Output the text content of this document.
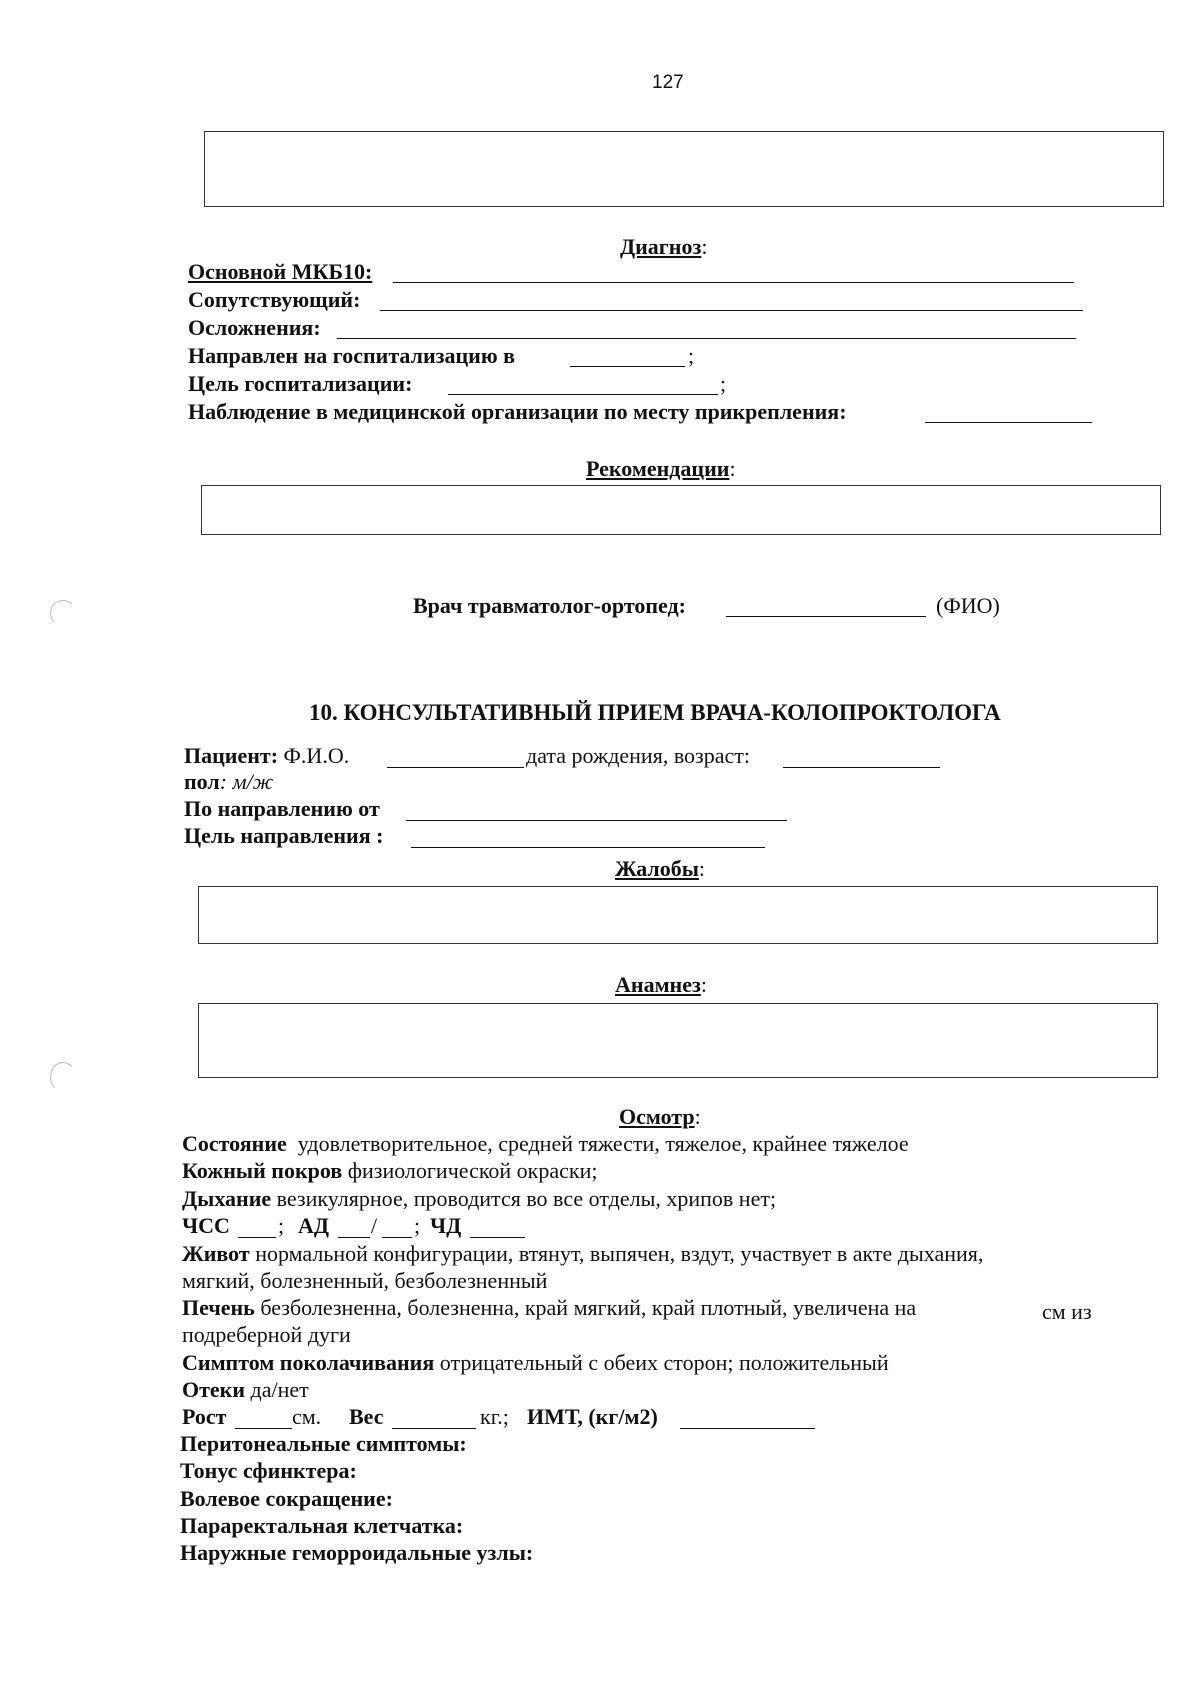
127
Диагноз:
Основной МКБ10:
Сопутствующий:
Осложнения:
Направлен на госпитализацию в	;
Цель госпитализации:	;
Наблюдение в медицинской организации по месту прикрепления:
Рекомендации:
Врач травматолог-ортопед:	(ФИО)
10. КОНСУЛЬТАТИВНЫЙ ПРИЕМ ВРАЧА-КОЛОПРОКТОЛОГА
Пациент: Ф.И.О.	дата рождения, возраст:
пол: м/ж
По направлению от
Цель направления :
Жалобы:
Анамнез:
Осмотр:
Состояние удовлетворительное, средней тяжести, тяжелое, крайнее тяжелое
Кожный покров физиологической окраски;
Дыхание везикулярное, проводится во все отделы, хрипов нет;
ЧСС ; АД / ; ЧД
Живот нормальной конфигурации, втянут, выпячен, вздут, участвует в акте дыхания,
мягкий, болезненный, безболезненный
Печень безболезненна, болезненна, край мягкий, край плотный, увеличена на	см из
подреберной дуги
Симптом поколачивания отрицательный с обеих сторон; положительный
Отеки да/нет
Рост	см. Вес	кг.; ИМТ, (кг/м2)
Перитонеальные симптомы:
Тонус сфинктера:
Волевое сокращение:
Параректальная клетчатка:
Наружные геморроидальные узлы:
